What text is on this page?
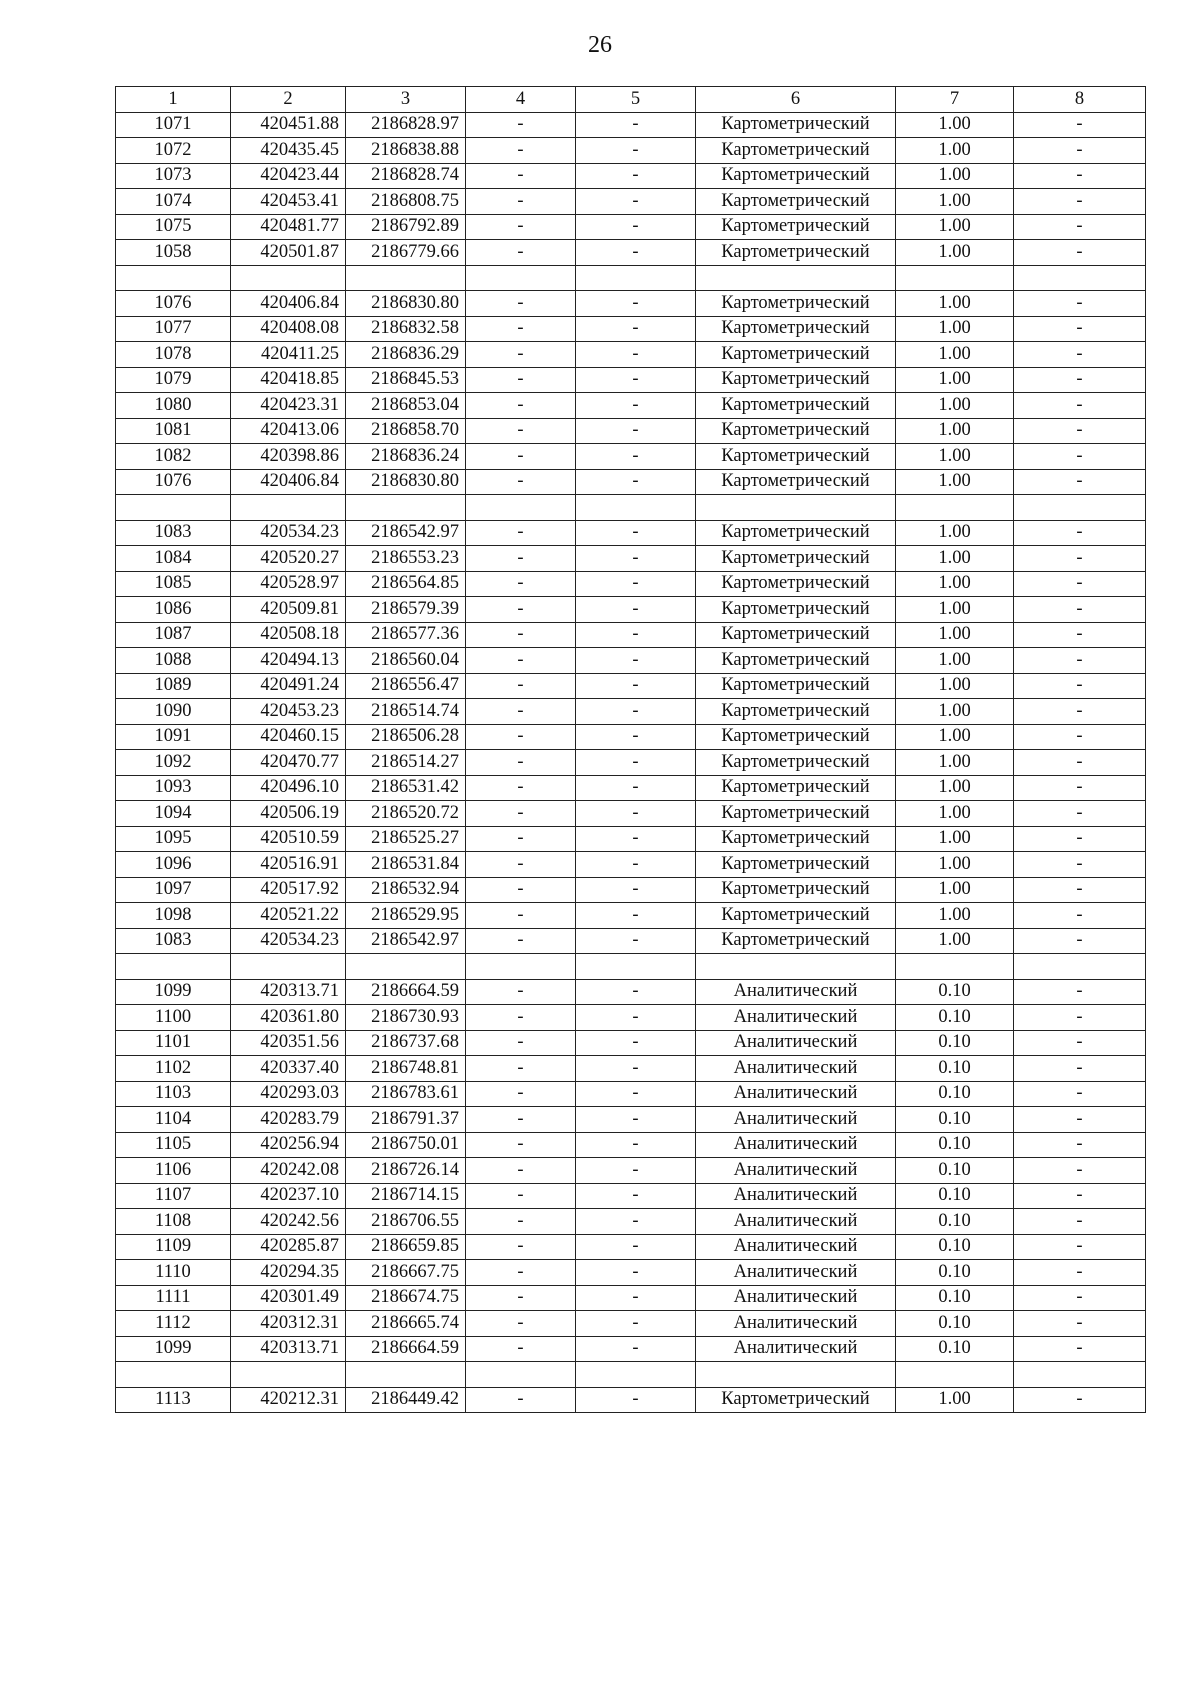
26
1	2	3	4	5	6	7	8
1071	420451.88	2186828.97	-	-	Картометрический	1.00	-
1072	420435.45	2186838.88	-	-	Картометрический	1.00	-
1073	420423.44	2186828.74	-	-	Картометрический	1.00	-
1074	420453.41	2186808.75	-	-	Картометрический	1.00	-
1075	420481.77	2186792.89	-	-	Картометрический	1.00	-
1058	420501.87	2186779.66	-	-	Картометрический	1.00	-

1076	420406.84	2186830.80	-	-	Картометрический	1.00	-
1077	420408.08	2186832.58	-	-	Картометрический	1.00	-
1078	420411.25	2186836.29	-	-	Картометрический	1.00	-
1079	420418.85	2186845.53	-	-	Картометрический	1.00	-
1080	420423.31	2186853.04	-	-	Картометрический	1.00	-
1081	420413.06	2186858.70	-	-	Картометрический	1.00	-
1082	420398.86	2186836.24	-	-	Картометрический	1.00	-
1076	420406.84	2186830.80	-	-	Картометрический	1.00	-

1083	420534.23	2186542.97	-	-	Картометрический	1.00	-
1084	420520.27	2186553.23	-	-	Картометрический	1.00	-
1085	420528.97	2186564.85	-	-	Картометрический	1.00	-
1086	420509.81	2186579.39	-	-	Картометрический	1.00	-
1087	420508.18	2186577.36	-	-	Картометрический	1.00	-
1088	420494.13	2186560.04	-	-	Картометрический	1.00	-
1089	420491.24	2186556.47	-	-	Картометрический	1.00	-
1090	420453.23	2186514.74	-	-	Картометрический	1.00	-
1091	420460.15	2186506.28	-	-	Картометрический	1.00	-
1092	420470.77	2186514.27	-	-	Картометрический	1.00	-
1093	420496.10	2186531.42	-	-	Картометрический	1.00	-
1094	420506.19	2186520.72	-	-	Картометрический	1.00	-
1095	420510.59	2186525.27	-	-	Картометрический	1.00	-
1096	420516.91	2186531.84	-	-	Картометрический	1.00	-
1097	420517.92	2186532.94	-	-	Картометрический	1.00	-
1098	420521.22	2186529.95	-	-	Картометрический	1.00	-
1083	420534.23	2186542.97	-	-	Картометрический	1.00	-

1099	420313.71	2186664.59	-	-	Аналитический	0.10	-
1100	420361.80	2186730.93	-	-	Аналитический	0.10	-
1101	420351.56	2186737.68	-	-	Аналитический	0.10	-
1102	420337.40	2186748.81	-	-	Аналитический	0.10	-
1103	420293.03	2186783.61	-	-	Аналитический	0.10	-
1104	420283.79	2186791.37	-	-	Аналитический	0.10	-
1105	420256.94	2186750.01	-	-	Аналитический	0.10	-
1106	420242.08	2186726.14	-	-	Аналитический	0.10	-
1107	420237.10	2186714.15	-	-	Аналитический	0.10	-
1108	420242.56	2186706.55	-	-	Аналитический	0.10	-
1109	420285.87	2186659.85	-	-	Аналитический	0.10	-
1110	420294.35	2186667.75	-	-	Аналитический	0.10	-
1111	420301.49	2186674.75	-	-	Аналитический	0.10	-
1112	420312.31	2186665.74	-	-	Аналитический	0.10	-
1099	420313.71	2186664.59	-	-	Аналитический	0.10	-

1113	420212.31	2186449.42	-	-	Картометрический	1.00	-
